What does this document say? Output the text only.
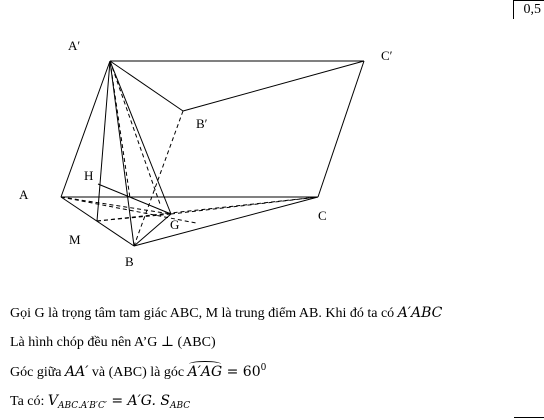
0,5
A′
B′
C′
A
B
C
H
M
G
Gọi G là trọng tâm tam giác ABC, M là trung điểm AB. Khi đó ta có A′ABC
Là hình chóp đều nên A’G ⊥ (ABC)
Góc giữa AA′ và (ABC) là góc $A'AG = 60^0$
Ta có: $V_{ABC.A'B'C'} = A'G$. $S_{ABC}$
